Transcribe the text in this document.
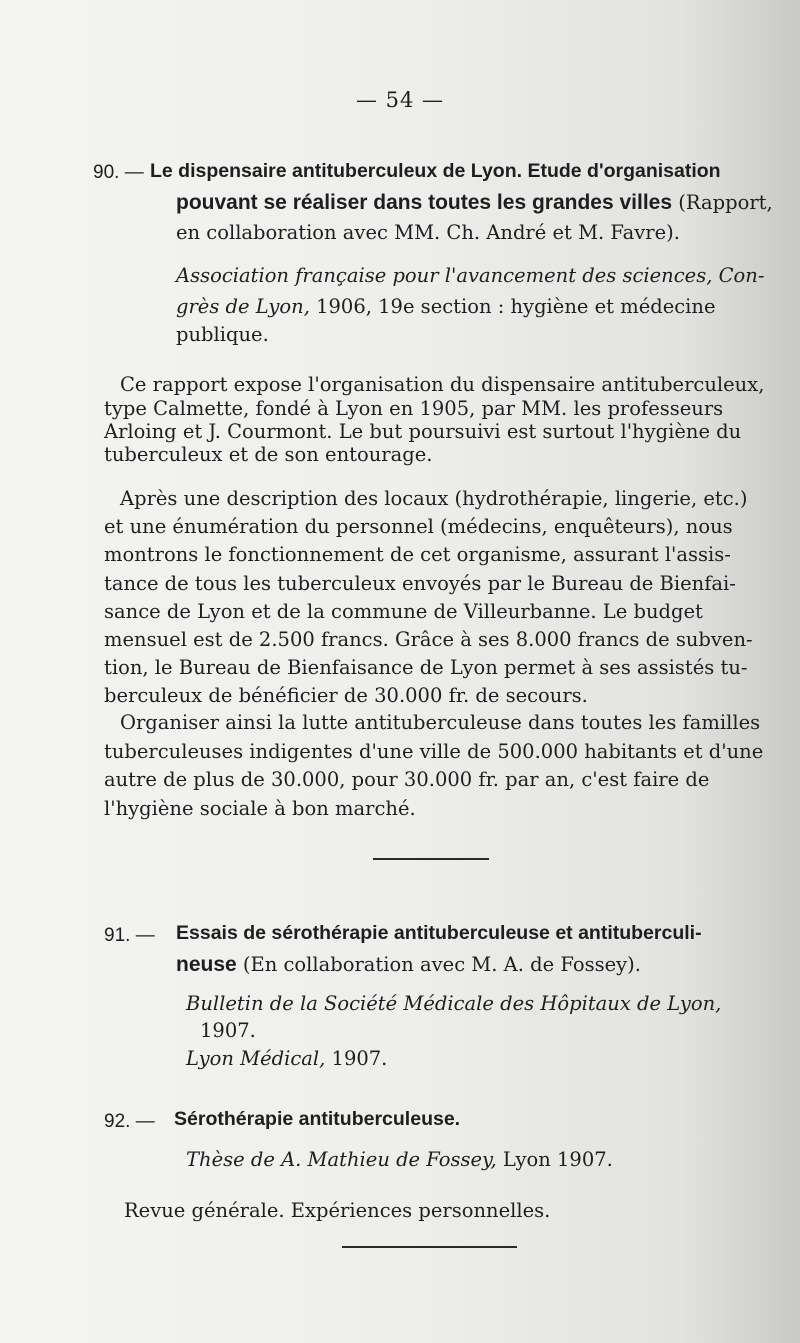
— 54 —
90. — Le dispensaire antituberculeux de Lyon. Etude d'organisation
pouvant se réaliser dans toutes les grandes villes (Rapport,
en collaboration avec MM. Ch. André et M. Favre).
Association française pour l'avancement des sciences, Con-
grès de Lyon, 1906, 19e section : hygiène et médecine
publique.
Ce rapport expose l'organisation du dispensaire antituberculeux,
type Calmette, fondé à Lyon en 1905, par MM. les professeurs
Arloing et J. Courmont. Le but poursuivi est surtout l'hygiène du
tuberculeux et de son entourage.
Après une description des locaux (hydrothérapie, lingerie, etc.)
et une énumération du personnel (médecins, enquêteurs), nous
montrons le fonctionnement de cet organisme, assurant l'assis-
tance de tous les tuberculeux envoyés par le Bureau de Bienfai-
sance de Lyon et de la commune de Villeurbanne. Le budget
mensuel est de 2.500 francs. Grâce à ses 8.000 francs de subven-
tion, le Bureau de Bienfaisance de Lyon permet à ses assistés tu-
berculeux de bénéficier de 30.000 fr. de secours.
Organiser ainsi la lutte antituberculeuse dans toutes les familles
tuberculeuses indigentes d'une ville de 500.000 habitants et d'une
autre de plus de 30.000, pour 30.000 fr. par an, c'est faire de
l'hygiène sociale à bon marché.
91. — Essais de sérothérapie antituberculeuse et antituberculi-
neuse (En collaboration avec M. A. de Fossey).
Bulletin de la Société Médicale des Hôpitaux de Lyon,
1907.
Lyon Médical, 1907.
92. — Sérothérapie antituberculeuse.
Thèse de A. Mathieu de Fossey, Lyon 1907.
Revue générale. Expériences personnelles.
